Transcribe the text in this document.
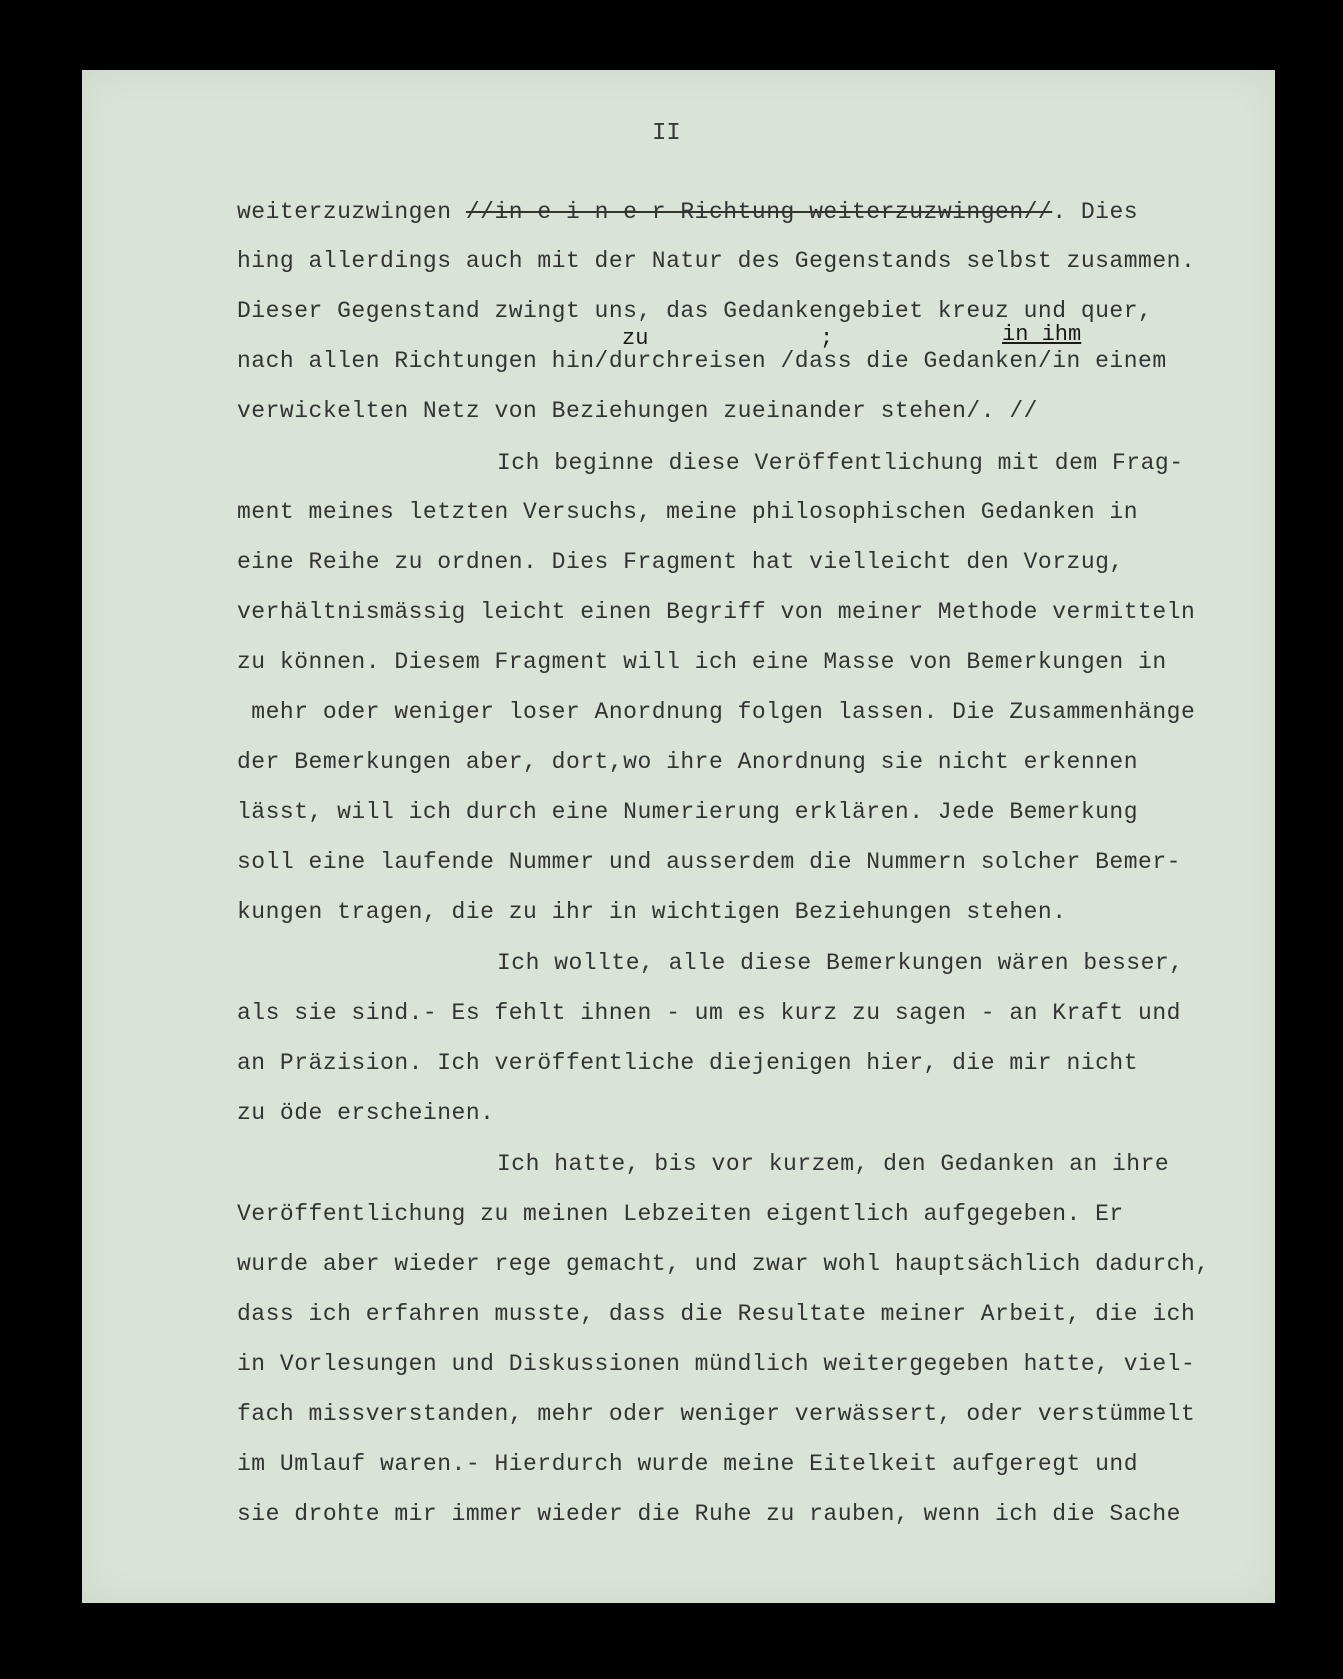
II

weiterzuzwingen //in e i n e r Richtung weiterzuzwingen//. Dies

hing allerdings auch mit der Natur des Gegenstands selbst zusammen.

Dieser Gegenstand zwingt uns, das Gedankengebiet kreuz und quer,

zu	;	in ihm

nach allen Richtungen hin/durchreisen /dass die Gedanken/in einem

verwickelten Netz von Beziehungen zueinander stehen/. //

Ich beginne diese Veröffentlichung mit dem Frag-

ment meines letzten Versuchs, meine philosophischen Gedanken in

eine Reihe zu ordnen. Dies Fragment hat vielleicht den Vorzug,

verhältnismässig leicht einen Begriff von meiner Methode vermitteln

zu können. Diesem Fragment will ich eine Masse von Bemerkungen in

mehr oder weniger loser Anordnung folgen lassen. Die Zusammenhänge

der Bemerkungen aber, dort,wo ihre Anordnung sie nicht erkennen

lässt, will ich durch eine Numerierung erklären. Jede Bemerkung

soll eine laufende Nummer und ausserdem die Nummern solcher Bemer-

kungen tragen, die zu ihr in wichtigen Beziehungen stehen.

Ich wollte, alle diese Bemerkungen wären besser,

als sie sind.- Es fehlt ihnen - um es kurz zu sagen - an Kraft und

an Präzision. Ich veröffentliche diejenigen hier, die mir nicht

zu öde erscheinen.

Ich hatte, bis vor kurzem, den Gedanken an ihre

Veröffentlichung zu meinen Lebzeiten eigentlich aufgegeben. Er

wurde aber wieder rege gemacht, und zwar wohl hauptsächlich dadurch,

dass ich erfahren musste, dass die Resultate meiner Arbeit, die ich

in Vorlesungen und Diskussionen mündlich weitergegeben hatte, viel-

fach missverstanden, mehr oder weniger verwässert, oder verstümmelt

im Umlauf waren.- Hierdurch wurde meine Eitelkeit aufgeregt und

sie drohte mir immer wieder die Ruhe zu rauben, wenn ich die Sache
